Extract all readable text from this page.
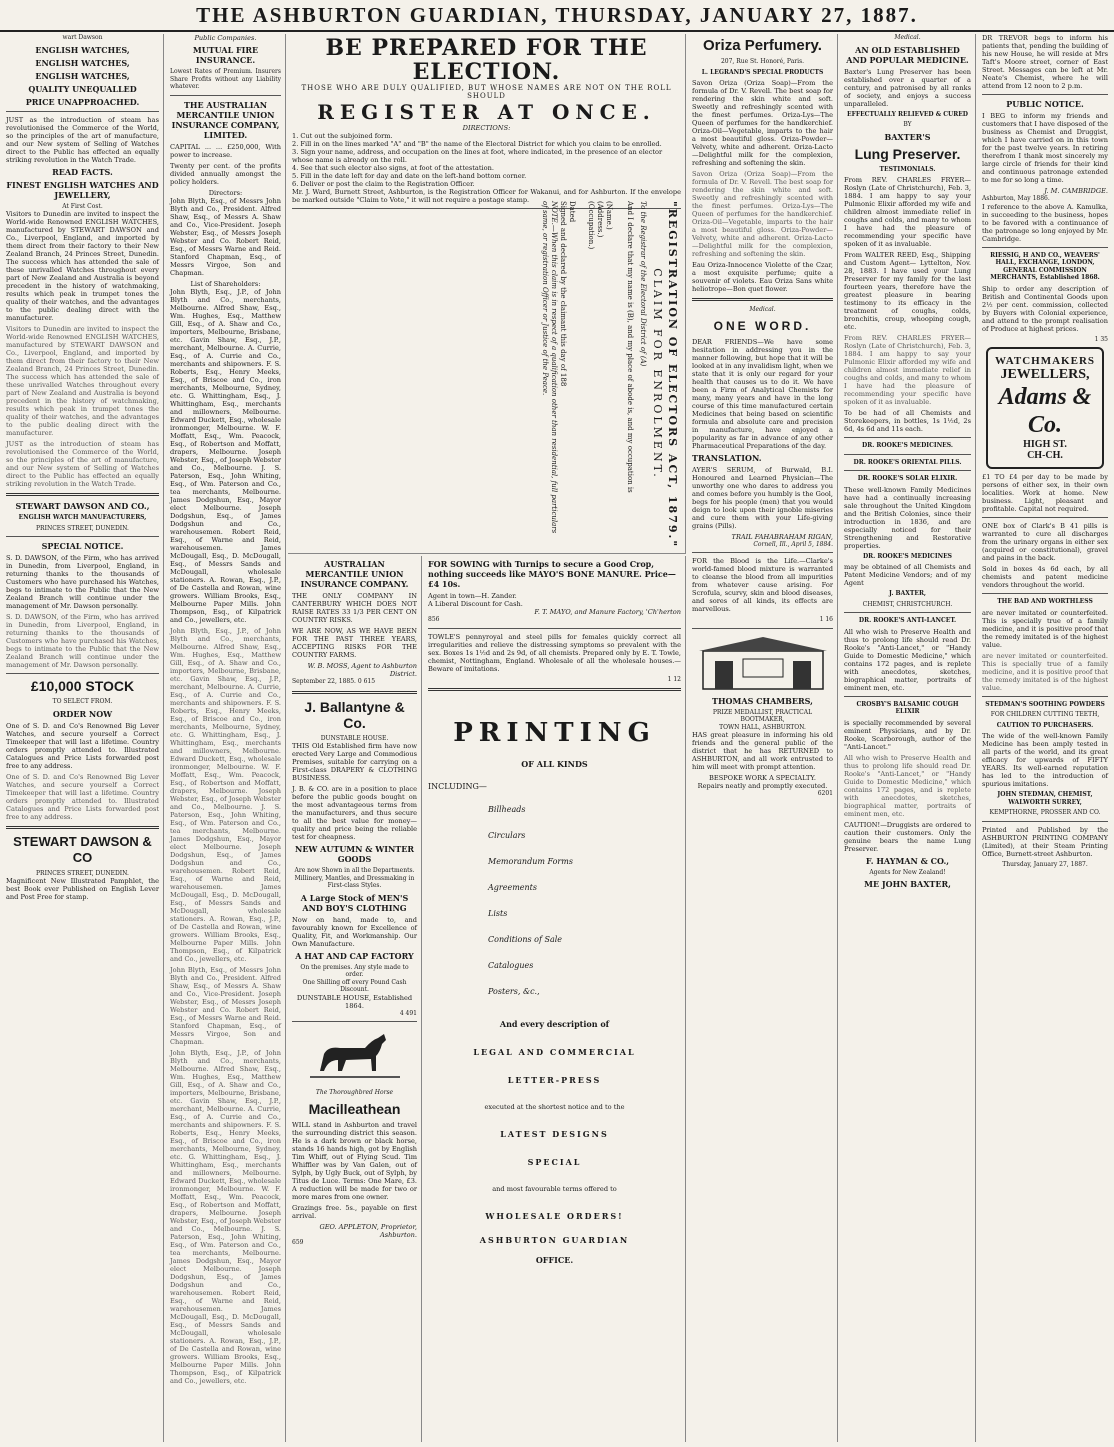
THE ASHBURTON GUARDIAN, THURSDAY, JANUARY 27, 1887.
wart Dawson
ENGLISH WATCHES,
ENGLISH WATCHES,
ENGLISH WATCHES,
QUALITY UNEQUALLED
PRICE UNAPPROACHED.

JUST as the introduction of steam has revolutionised the Commerce of the World, so the principles of the art of manufacture, and our New system of Selling of Watches direct to the Public has effected an equally striking revolution in the Watch Trade.

READ FACTS.
FINEST ENGLISH WATCHES AND JEWELLERY,
At First Cost.

Visitors to Dunedin are invited to inspect the World-wide Renowned ENGLISH WATCHES, manufactured by STEWART DAWSON and Co., Liverpool, England, and imported by them direct from their factory to their New Zealand Branch, 24 Princes Street, Dunedin. The success which has attended the sale of these unrivalled Watches throughout every part of New Zealand and Australia is beyond precedent in the history of watchmaking, results which peak in trumpet tones the quality of their watches, and the advantages to the public dealing direct with the manufacturer.

Visitors to Dunedin are invited to inspect the World-wide Renowned ENGLISH WATCHES, manufactured by STEWART DAWSON and Co., Liverpool, England, and imported by them direct from their factory to their New Zealand Branch, 24 Princes Street, Dunedin. The success which has attended the sale of these unrivalled Watches throughout every part of New Zealand and Australia is beyond precedent in the history of watchmaking, results which peak in trumpet tones the quality of their watches, and the advantages to the public dealing direct with the manufacturer.

JUST as the introduction of steam has revolutionised the Commerce of the World, so the principles of the art of manufacture, and our New system of Selling of Watches direct to the Public has effected an equally striking revolution in the Watch Trade.

STEWART DAWSON AND CO.,
ENGLISH WATCH MANUFACTURERS,
PRINCES STREET, DUNEDIN.
SPECIAL NOTICE.

S. D. DAWSON, of the Firm, who has arrived in Dunedin, from Liverpool, England, in returning thanks to the thousands of Customers who have purchased his Watches, begs to intimate to the Public that the New Zealand Branch will continue under the management of Mr. Dawson personally.

S. D. DAWSON, of the Firm, who has arrived in Dunedin, from Liverpool, England, in returning thanks to the thousands of Customers who have purchased his Watches, begs to intimate to the Public that the New Zealand Branch will continue under the management of Mr. Dawson personally.

£10,000 STOCK
TO SELECT FROM.
ORDER NOW

One of S. D. and Co's Renowned Big Lever Watches, and secure yourself a Correct Timekeeper that will last a lifetime. Country orders promptly attended to. Illustrated Catalogues and Price Lists forwarded post free to any address.

One of S. D. and Co's Renowned Big Lever Watches, and secure yourself a Correct Timekeeper that will last a lifetime. Country orders promptly attended to. Illustrated Catalogues and Price Lists forwarded post free to any address.

STEWART DAWSON & CO
PRINCES STREET, DUNEDIN.

Magnificent New Illustrated Pamphlet, the best Book ever Published on English Lever and Post Free for stamp.

Public Companies.
MUTUAL FIRE INSURANCE.

Lowest Rates of Premium. Insurers Share Profits without any Liability whatever.

THE AUSTRALIAN MERCANTILE UNION INSURANCE COMPANY, LIMITED.

CAPITAL ... ... £250,000, With power to increase.

Twenty per cent. of the profits divided annually amongst the policy holders.

Directors:

John Blyth, Esq., of Messrs John Blyth and Co., President. Alfred Shaw, Esq., of Messrs A. Shaw and Co., Vice-President. Joseph Webster, Esq., of Messrs Joseph Webster and Co. Robert Reid, Esq., of Messrs Warne and Reid. Stanford Chapman, Esq., of Messrs Virgoe, Son and Chapman.

List of Shareholders:

John Blyth, Esq., J.P., of John Blyth and Co., merchants, Melbourne. Alfred Shaw, Esq., Wm. Hughes, Esq., Matthew Gill, Esq., of A. Shaw and Co., importers, Melbourne, Brisbane, etc. Gavin Shaw, Esq., J.P., merchant, Melbourne. A. Currie, Esq., of A. Currie and Co., merchants and shipowners. F. S. Roberts, Esq., Henry Meeks, Esq., of Briscoe and Co., iron merchants, Melbourne, Sydney, etc. G. Whittingham, Esq., J. Whittingham, Esq., merchants and millowners, Melbourne. Edward Duckett, Esq., wholesale ironmonger, Melbourne. W. F. Moffatt, Esq., Wm. Peacock, Esq., of Robertson and Moffatt, drapers, Melbourne. Joseph Webster, Esq., of Joseph Webster and Co., Melbourne. J. S. Paterson, Esq., John Whiting, Esq., of Wm. Paterson and Co., tea merchants, Melbourne. James Dodgshun, Esq., Mayor elect Melbourne. Joseph Dodgshun, Esq., of James Dodgshun and Co., warehousemen. Robert Reid, Esq., of Warne and Reid, warehousemen. James McDougall, Esq., D. McDougall, Esq., of Messrs Sands and McDougall, wholesale stationers. A. Rowan, Esq., J.P., of De Castella and Rowan, wine growers. William Brooks, Esq., Melbourne Paper Mills. John Thompson, Esq., of Kilpatrick and Co., jewellers, etc.

John Blyth, Esq., J.P., of John Blyth and Co., merchants, Melbourne. Alfred Shaw, Esq., Wm. Hughes, Esq., Matthew Gill, Esq., of A. Shaw and Co., importers, Melbourne, Brisbane, etc. Gavin Shaw, Esq., J.P., merchant, Melbourne. A. Currie, Esq., of A. Currie and Co., merchants and shipowners. F. S. Roberts, Esq., Henry Meeks, Esq., of Briscoe and Co., iron merchants, Melbourne, Sydney, etc. G. Whittingham, Esq., J. Whittingham, Esq., merchants and millowners, Melbourne. Edward Duckett, Esq., wholesale ironmonger, Melbourne. W. F. Moffatt, Esq., Wm. Peacock, Esq., of Robertson and Moffatt, drapers, Melbourne. Joseph Webster, Esq., of Joseph Webster and Co., Melbourne. J. S. Paterson, Esq., John Whiting, Esq., of Wm. Paterson and Co., tea merchants, Melbourne. James Dodgshun, Esq., Mayor elect Melbourne. Joseph Dodgshun, Esq., of James Dodgshun and Co., warehousemen. Robert Reid, Esq., of Warne and Reid, warehousemen. James McDougall, Esq., D. McDougall, Esq., of Messrs Sands and McDougall, wholesale stationers. A. Rowan, Esq., J.P., of De Castella and Rowan, wine growers. William Brooks, Esq., Melbourne Paper Mills. John Thompson, Esq., of Kilpatrick and Co., jewellers, etc.

John Blyth, Esq., of Messrs John Blyth and Co., President. Alfred Shaw, Esq., of Messrs A. Shaw and Co., Vice-President. Joseph Webster, Esq., of Messrs Joseph Webster and Co. Robert Reid, Esq., of Messrs Warne and Reid. Stanford Chapman, Esq., of Messrs Virgoe, Son and Chapman.

John Blyth, Esq., J.P., of John Blyth and Co., merchants, Melbourne. Alfred Shaw, Esq., Wm. Hughes, Esq., Matthew Gill, Esq., of A. Shaw and Co., importers, Melbourne, Brisbane, etc. Gavin Shaw, Esq., J.P., merchant, Melbourne. A. Currie, Esq., of A. Currie and Co., merchants and shipowners. F. S. Roberts, Esq., Henry Meeks, Esq., of Briscoe and Co., iron merchants, Melbourne, Sydney, etc. G. Whittingham, Esq., J. Whittingham, Esq., merchants and millowners, Melbourne. Edward Duckett, Esq., wholesale ironmonger, Melbourne. W. F. Moffatt, Esq., Wm. Peacock, Esq., of Robertson and Moffatt, drapers, Melbourne. Joseph Webster, Esq., of Joseph Webster and Co., Melbourne. J. S. Paterson, Esq., John Whiting, Esq., of Wm. Paterson and Co., tea merchants, Melbourne. James Dodgshun, Esq., Mayor elect Melbourne. Joseph Dodgshun, Esq., of James Dodgshun and Co., warehousemen. Robert Reid, Esq., of Warne and Reid, warehousemen. James McDougall, Esq., D. McDougall, Esq., of Messrs Sands and McDougall, wholesale stationers. A. Rowan, Esq., J.P., of De Castella and Rowan, wine growers. William Brooks, Esq., Melbourne Paper Mills. John Thompson, Esq., of Kilpatrick and Co., jewellers, etc.

BE PREPARED FOR THE ELECTION.
THOSE WHO ARE DULY QUALIFIED, BUT WHOSE NAMES ARE NOT ON THE ROLL SHOULD
REGISTER AT ONCE.
DIRECTIONS:
1. Cut out the subjoined form.
2. Fill in on the lines marked "A" and "B" the name of the Electoral District for which you claim to be enrolled.
3. Sign your name, address, and occupation on the lines at foot, where indicated, in the presence of an elector whose name is already on the roll.
4. See that such elector also signs, at foot of the attestation.
5. Fill in the date left for day and date on the left-hand bottom corner.
6. Deliver or post the claim to the Registration Officer.

Mr. J. Ward, Burnett Street, Ashburton, is the Registration Officer for Wakanui, and for Ashburton. If the envelope be marked outside "Claim to Vote," it will not require a postage stamp.

"REGISTRATION OF ELECTORS ACT, 1879."
CLAIM FOR ENROLMENT.
To the Registrar of the Electoral District of (A)
And I declare that my name is (B), and my place of abode is, and my occupation is
(Name.)
(Address.)
(Occupation.)
Dated
Signed and declared by the claimant this day of 188
NOTE.—When this claim is in respect of a qualification other than residential, full particulars of same, or registration Officer or Justice of the Peace.
AUSTRALIAN MERCANTILE UNION INSURANCE COMPANY.

THE ONLY COMPANY IN CANTERBURY WHICH DOES NOT RAISE RATES 33 1/3 PER CENT ON COUNTRY RISKS.

WE ARE NOW, AS WE HAVE BEEN FOR THE PAST THREE YEARS, ACCEPTING RISKS FOR THE COUNTRY FARMS.

W. B. MOSS, Agent to Ashburton District.
September 22, 1885. 0 615
J. Ballantyne & Co.
DUNSTABLE HOUSE.

THIS Old Established firm have now erected Very Large and Commodious Premises, suitable for carrying on a First-class DRAPERY & CLOTHING BUSINESS.

J. B. & CO. are in a position to place before the public goods bought on the most advantageous terms from the manufacturers, and thus secure to all the best value for money—quality and price being the reliable test for cheapness.

NEW AUTUMN & WINTER GOODS
Are now Shown in all the Departments.
Millinery, Mantles, and Dressmaking in First-class Styles.
A Large Stock of MEN'S AND BOY'S CLOTHING

Now on hand, made to, and favourably known for Excellence of Quality, Fit, and Workmanship. Our Own Manufacture.

A HAT AND CAP FACTORY
On the premises. Any style made to order.
One Shilling off every Pound Cash Discount.
DUNSTABLE HOUSE, Established 1864.
4 491
The Thoroughbred Horse
Macilleathean

WILL stand in Ashburton and travel the surrounding district this season. He is a dark brown or black horse, stands 16 hands high, got by English Tim Whiff, out of Flying Scud. Tim Whiffler was by Van Galen, out of Sylph, by Ugly Buck, out of Sylph, by Titus de Luce. Terms: One Mare, £3. A reduction will be made for two or more mares from one owner.

Grazings free. 5s., payable on first arrival.

GEO. APPLETON, Proprietor, Ashburton.
659
FOR SOWING with Turnips to secure a Good Crop, nothing succeeds like MAYO'S BONE MANURE. Price—£4 10s.
Agent in town—H. Zander.
A Liberal Discount for Cash.
F. T. MAYO, and Manure Factory, 'Ch'herton
856

TOWLE'S pennyroyal and steel pills for females quickly correct all irregularities and relieve the distressing symptoms so prevalent with the sex. Boxes 1s 1½d and 2s 9d, of all chemists. Prepared only by E. T. Towle, chemist, Nottingham, England. Wholesale of all the wholesale houses.—Beware of imitations.

1 12
PRINTING
OF ALL KINDS
INCLUDING—
Billheads
Circulars
Memorandum Forms
Agreements
Lists
Conditions of Sale
Catalogues
Posters, &c.,
And every description of
LEGAL AND COMMERCIAL
LETTER-PRESS
executed at the shortest notice and to the
LATEST DESIGNS
SPECIAL
and most favourable terms offered to
WHOLESALE ORDERS!
ASHBURTON GUARDIAN
OFFICE.
Oriza Perfumery.
207, Rue St. Honoré, Paris.
L. LEGRAND'S SPECIAL PRODUCTS

Savon Oriza (Oriza Soap)—From the formula of Dr. V. Revell. The best soap for rendering the skin white and soft. Sweetly and refreshingly scented with the finest perfumes. Oriza-Lys—The Queen of perfumes for the handkerchief. Oriza-Oil—Vegetable, imparts to the hair a most beautiful gloss. Oriza-Powder—Velvety, white and adherent. Oriza-Lacto—Delightful milk for the complexion, refreshing and softening the skin.

Savon Oriza (Oriza Soap)—From the formula of Dr. V. Revell. The best soap for rendering the skin white and soft. Sweetly and refreshingly scented with the finest perfumes. Oriza-Lys—The Queen of perfumes for the handkerchief. Oriza-Oil—Vegetable, imparts to the hair a most beautiful gloss. Oriza-Powder—Velvety, white and adherent. Oriza-Lacto—Delightful milk for the complexion, refreshing and softening the skin.

Eau Oriza-Innocence Violette of the Czar, a most exquisite perfume; quite a souvenir of violets. Eau Oriza Sans white heliotrope—Bon quet flower.

Medical.
ONE WORD.

DEAR FRIENDS—We have some hesitation in addressing you in the manner following, but hope that it will be looked at in any invalidism light, when we state that it is only our regard for your health that causes us to do it. We have been a Firm of Analytical Chemists for many, many years and have in the long course of this time manufactured certain Medicines that being based on scientific formula and absolute care and precision in manufacture, have enjoyed a popularity as far in advance of any other Pharmaceutical Preparations of the day.

TRANSLATION.

AYER'S SERUM, of Burwald, B.I. Honoured and Learned Physician—The unworthy one who dares to address you and comes before you humbly is the Gool, begs for his people (men) that you would deign to look upon their ignoble miseries and cure them with your Life-giving grains (Pills).

TRAIL FAHABRAHAM RIGAN,
Cornell, Ill., April 5, 1884.

FOR the Blood is the Life.—Clarke's world-famed blood mixture is warranted to cleanse the blood from all impurities from whatever cause arising. For Scrofula, scurvy, skin and blood diseases, and sores of all kinds, its effects are marvellous.

1 16
THOMAS CHAMBERS,
PRIZE MEDALLIST, PRACTICAL BOOTMAKER,
TOWN HALL, ASHBURTON.

HAS great pleasure in informing his old friends and the general public of the district that he has RETURNED to ASHBURTON, and all work entrusted to him will meet with prompt attention.

BESPOKE WORK A SPECIALTY.
Repairs neatly and promptly executed.
6201
Medical.
AN OLD ESTABLISHED AND POPULAR MEDICINE.

Baxter's Lung Preserver has been established over a quarter of a century, and patronised by all ranks of society, and enjoys a success unparalleled.

EFFECTUALLY RELIEVED & CURED
BY
BAXTER'S
Lung Preserver.
TESTIMONIALS.

From REV. CHARLES FRYER— Roslyn (Late of Christchurch), Feb. 3, 1884. I am happy to say your Pulmonic Elixir afforded my wife and children almost immediate relief in coughs and colds, and many to whom I have had the pleasure of recommending your specific have spoken of it as invaluable.

From WALTER REED, Esq., Shipping and Custom Agent— Lyttelton, Nov. 28, 1883. I have used your Lung Preserver for my family for the last fourteen years, therefore have the greatest pleasure in bearing testimony to its efficacy in the treatment of coughs, colds, bronchitis, croup, whooping cough, etc.

From REV. CHARLES FRYER— Roslyn (Late of Christchurch), Feb. 3, 1884. I am happy to say your Pulmonic Elixir afforded my wife and children almost immediate relief in coughs and colds, and many to whom I have had the pleasure of recommending your specific have spoken of it as invaluable.

To be had of all Chemists and Storekeepers, in bottles, 1s 1½d, 2s 6d, 4s 6d and 11s each.

DR. ROOKE'S MEDICINES.
DR. ROOKE'S ORIENTAL PILLS.
DR. ROOKE'S SOLAR ELIXIR.

These well-known Family Medicines have had a continually increasing sale throughout the United Kingdom and the British Colonies, since their introduction in 1836, and are especially noticed for their Strengthening and Restorative properties.

DR. ROOKE'S MEDICINES

may be obtained of all Chemists and Patent Medicine Vendors; and of my Agent

J. BAXTER,
CHEMIST, CHRISTCHURCH.
DR. ROOKE'S ANTI-LANCET.

All who wish to Preserve Health and thus to prolong life should read Dr. Rooke's "Anti-Lancet," or "Handy Guide to Domestic Medicine," which contains 172 pages, and is replete with anecdotes, sketches, biographical matter, portraits of eminent men, etc.

CROSBY'S BALSAMIC COUGH ELIXIR

is specially recommended by several eminent Physicians, and by Dr. Rooke, Scarborough, author of the "Anti-Lancet."

All who wish to Preserve Health and thus to prolong life should read Dr. Rooke's "Anti-Lancet," or "Handy Guide to Domestic Medicine," which contains 172 pages, and is replete with anecdotes, sketches, biographical matter, portraits of eminent men, etc.

CAUTION!—Druggists are ordered to caution their customers. Only the genuine bears the name Lung Preserver.

F. HAYMAN & CO.,
Agents for New Zealand!
ME JOHN BAXTER,

DR TREVOR begs to inform his patients that, pending the building of his new House, he will reside at Mrs Taft's Moore street, corner of East Street. Messages can be left at Mr. Neate's Chemist, where he will attend from 12 noon to 2 p.m.

PUBLIC NOTICE.

I BEG to inform my friends and customers that I have disposed of the business as Chemist and Druggist, which I have carried on in this town for the past twelve years. In retiring therefrom I thank most sincerely my large circle of friends for their kind and continuous patronage extended to me for so long a time.

J. M. CAMBRIDGE.
Ashburton, May 1886.

I reference to the above A. Kamulka, in succeeding to the business, hopes to be favored with a continuance of the patronage so long enjoyed by Mr. Cambridge.

RIESSIG, H AND CO., WEAVERS' HALL, EXCHANGE, LONDON, GENERAL COMMISSION MERCHANTS, Established 1868.

Ship to order any description of British and Continental Goods upon 2½ per cent. commission, collected by Buyers with Colonial experience, and attend to the prompt realisation of Produce at highest prices.

1 35
WATCHMAKERS
JEWELLERS,
Adams & Co.
HIGH ST.
CH-CH.

£1 TO £4 per day to be made by persons of either sex, in their own localities. Work at home. New business. Light, pleasant and profitable. Capital not required.

ONE box of Clark's B 41 pills is warranted to cure all discharges from the urinary organs in either sex (acquired or constitutional), gravel and pains in the back.

Sold in boxes 4s 6d each, by all chemists and patent medicine vendors throughout the world.

THE BAD AND WORTHLESS

are never imitated or counterfeited. This is specially true of a family medicine, and it is positive proof that the remedy imitated is of the highest value.

are never imitated or counterfeited. This is specially true of a family medicine, and it is positive proof that the remedy imitated is of the highest value.

STEDMAN'S SOOTHING POWDERS
FOR CHILDREN CUTTING TEETH,
CAUTION TO PURCHASERS.

The wide of the well-known Family Medicine has been amply tested in all parts of the world, and its great efficacy for upwards of FIFTY YEARS. Its well-earned reputation has led to the introduction of spurious imitations.

JOHN STEDMAN, CHEMIST, WALWORTH SURREY,
KEMPTHORNE, PROSSER AND CO.

Printed and Published by the ASHBURTON PRINTING COMPANY (Limited), at their Steam Printing Office, Burnett-street Ashburton.

Thursday, January 27, 1887.
